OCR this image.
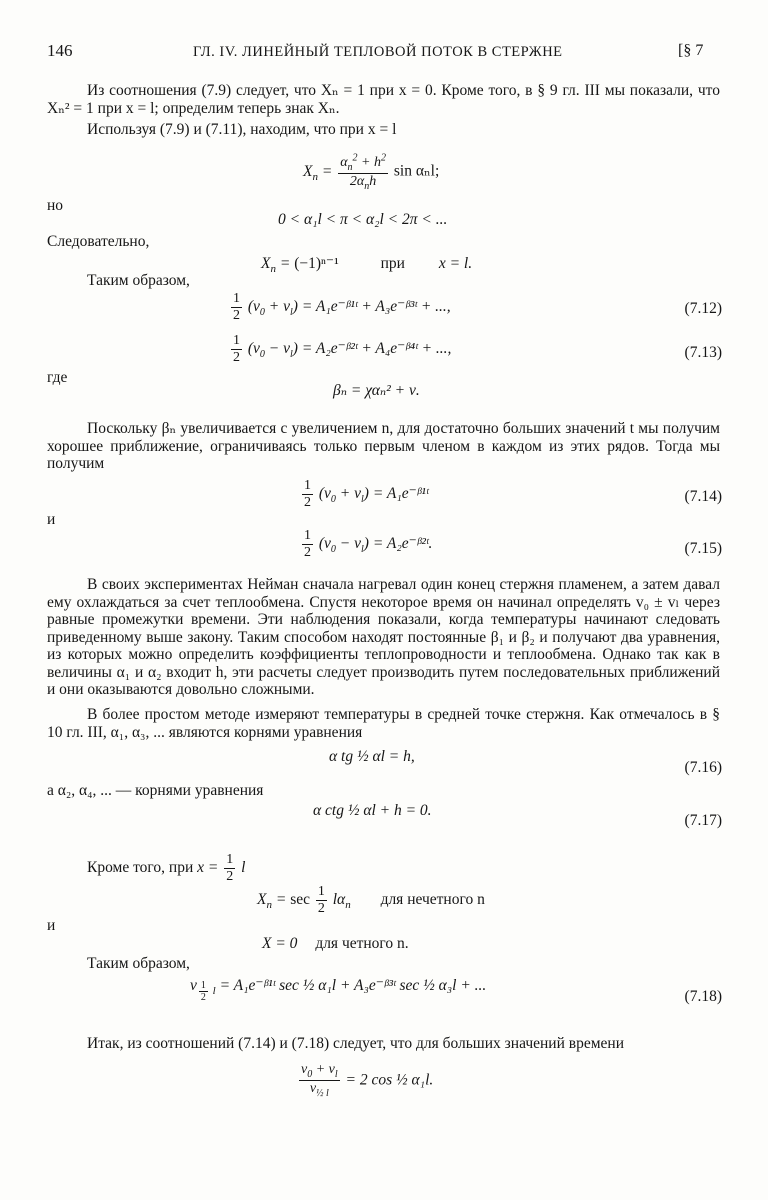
146	ГЛ. IV. ЛИНЕЙНЫЙ ТЕПЛОВОЙ ПОТОК В СТЕРЖНЕ	[§ 7
Из соотношения (7.9) следует, что Xₙ = 1 при x = 0. Кроме того, в § 9 гл. III мы показали, что Xₙ² = 1 при x = l; определим теперь знак Xₙ.
Используя (7.9) и (7.11), находим, что при x = l
$X_n$ =
$\alpha_n^2 + h^2$
$2\alpha_nh$
sin αₙl;
но
0 < α₁l < π < α₂l < 2π < ...
Следовательно,
$X_n = (-1)^{n-1}$	при x = l.
Таким образом,
$\frac{1}{2} (v_0 + v_l)$ = A₁e⁻ᵝ¹ᵗ + A₃e⁻ᵝ³ᵗ + ...,	(7.12)
$\frac{1}{2} (v_0 - v_l)$ = A₂e⁻ᵝ²ᵗ + A₄e⁻ᵝ⁴ᵗ + ...,	(7.13)
где
βₙ = χαₙ² + ν.
Поскольку βₙ увеличивается с увеличением n, для достаточно больших значений t мы получим хорошее приближение, ограничиваясь только первым членом в каждом из этих рядов. Тогда мы получим
$\frac{1}{2} (v_0 + v_l)$ = A₁e⁻ᵝ¹ᵗ	(7.14)
и
$\frac{1}{2} (v_0 - v_l)$ = A₂e⁻ᵝ²ᵗ.	(7.15)
В своих экспериментах Нейман сначала нагревал один конец стержня пламенем, а затем давал ему охлаждаться за счет теплообмена. Спустя некоторое время он начинал определять v₀ ± vₗ через равные промежутки времени. Эти наблюдения показали, когда температуры начинают следовать приведенному выше закону. Таким способом находят постоянные β₁ и β₂ и получают два уравнения, из которых можно определить коэффициенты теплопроводности и теплообмена. Однако так как в величины α₁ и α₂ входит h, эти расчеты следует производить путем последовательных приближений и они оказываются довольно сложными.
В более простом методе измеряют температуры в средней точке стержня. Как отмечалось в § 10 гл. III, α₁, α₃, ... являются корнями уравнения
α tg ½ αl = h,
(7.16)
а α₂, α₄, ... — корнями уравнения
α ctg ½ αl + h = 0.
(7.17)
Кроме того, при $x = \frac{1}{2}$ l
$X_n = \sec \frac{1}{2} l\alpha_n$ для нечетного n
и
X = 0 для четного n.
Таким образом,
v $_{\frac{1}{2} l}$ = A₁e⁻ᵝ¹ᵗ sec ½ α₁l + A₃e⁻ᵝ³ᵗ sec ½ α₃l + ...
(7.18)
Итак, из соотношений (7.14) и (7.18) следует, что для больших значений времени
$\frac{v_0 + v_l}{v_{\frac{1}{2} l}} = 2$ cos ½ α₁l.
